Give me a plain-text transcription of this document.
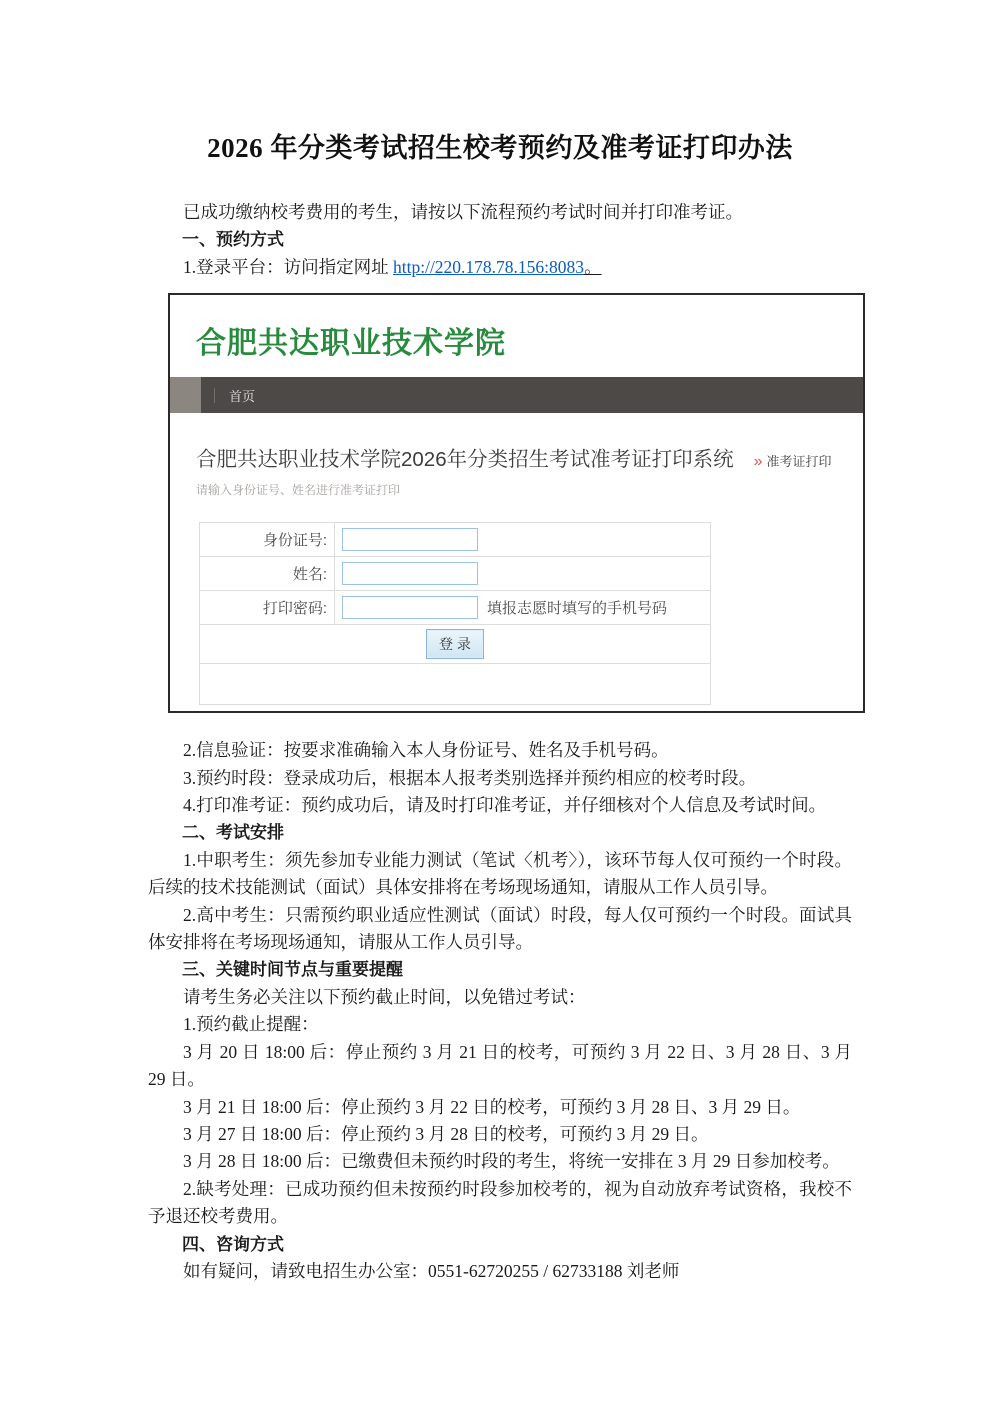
2026 年分类考试招生校考预约及准考证打印办法
已成功缴纳校考费用的考生，请按以下流程预约考试时间并打印准考证。
一、预约方式
1.登录平台：访问指定网址 http://220.178.78.156:8083。
合肥共达职业技术学院
首页
合肥共达职业技术学院2026年分类招生考试准考证打印系统 » 准考证打印
请输入身份证号、姓名进行准考证打印
身份证号:	
姓名:	
打印密码:	填报志愿时填写的手机号码
登 录	

2.信息验证：按要求准确输入本人身份证号、姓名及手机号码。
3.预约时段：登录成功后，根据本人报考类别选择并预约相应的校考时段。
4.打印准考证：预约成功后，请及时打印准考证，并仔细核对个人信息及考试时间。
二、考试安排
1.中职考生：须先参加专业能力测试（笔试〈机考〉），该环节每人仅可预约一个时段。后续的技术技能测试（面试）具体安排将在考场现场通知，请服从工作人员引导。
2.高中考生：只需预约职业适应性测试（面试）时段，每人仅可预约一个时段。面试具体安排将在考场现场通知，请服从工作人员引导。
三、关键时间节点与重要提醒
请考生务必关注以下预约截止时间，以免错过考试：
1.预约截止提醒：
3 月 20 日 18:00 后：停止预约 3 月 21 日的校考，可预约 3 月 22 日、3 月 28 日、3 月 29 日。
3 月 21 日 18:00 后：停止预约 3 月 22 日的校考，可预约 3 月 28 日、3 月 29 日。
3 月 27 日 18:00 后：停止预约 3 月 28 日的校考，可预约 3 月 29 日。
3 月 28 日 18:00 后：已缴费但未预约时段的考生，将统一安排在 3 月 29 日参加校考。
2.缺考处理：已成功预约但未按预约时段参加校考的，视为自动放弃考试资格，我校不予退还校考费用。
四、咨询方式
如有疑问，请致电招生办公室：0551-62720255 / 62733188 刘老师
